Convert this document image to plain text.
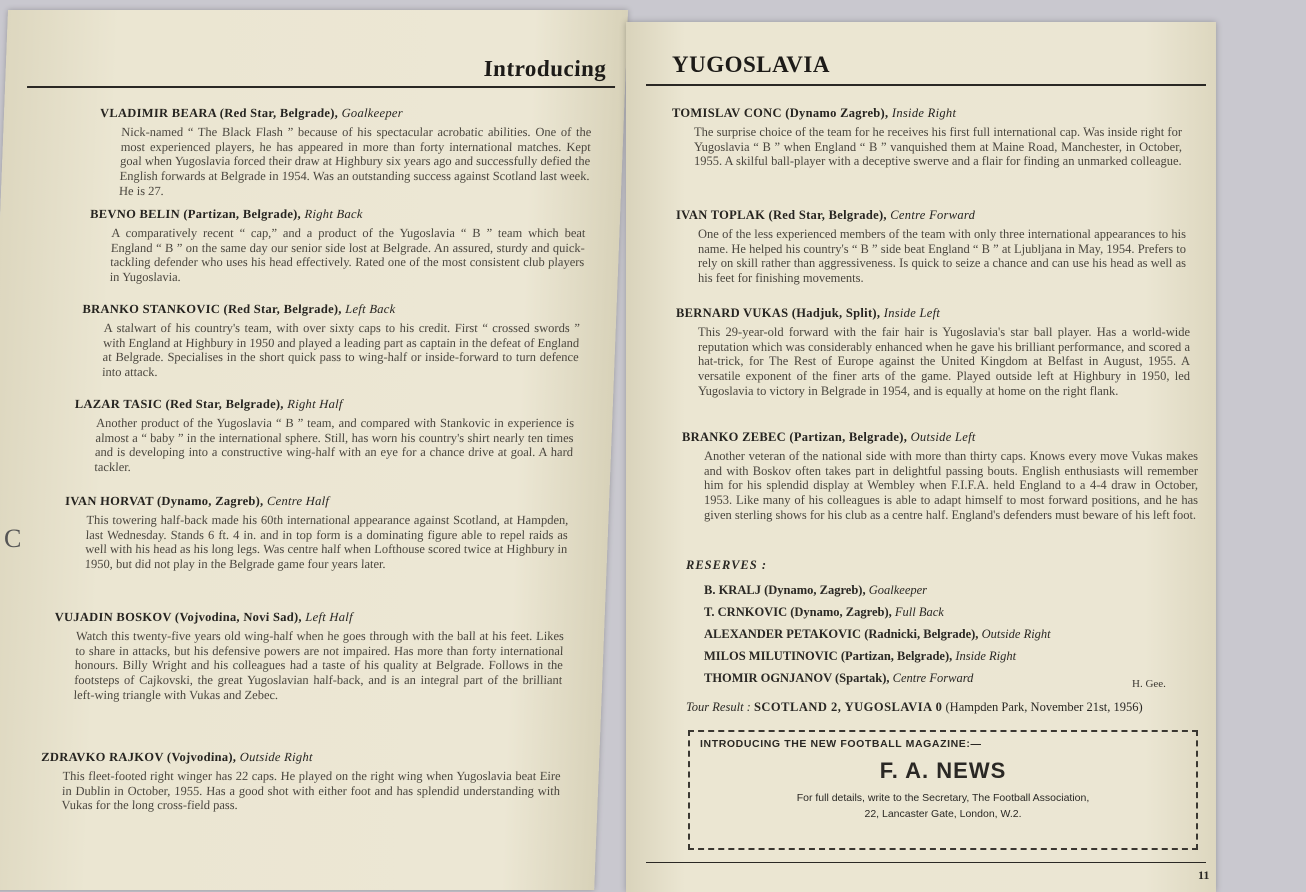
Introducing
VLADIMIR BEARA (Red Star, Belgrade), Goalkeeper
Nick-named “ The Black Flash ” because of his spectacular acrobatic abilities. One of the most experienced players, he has appeared in more than forty international matches. Kept goal when Yugoslavia forced their draw at Highbury six years ago and successfully defied the English forwards at Belgrade in 1954. Was an outstanding success against Scotland last week. He is 27.
BEVNO BELIN (Partizan, Belgrade), Right Back
A comparatively recent “ cap,” and a product of the Yugoslavia “ B ” team which beat England “ B ” on the same day our senior side lost at Belgrade. An assured, sturdy and quick-tackling defender who uses his head effectively. Rated one of the most consistent club players in Yugoslavia.
BRANKO STANKOVIC (Red Star, Belgrade), Left Back
A stalwart of his country's team, with over sixty caps to his credit. First “ crossed swords ” with England at Highbury in 1950 and played a leading part as captain in the defeat of England at Belgrade. Specialises in the short quick pass to wing-half or inside-forward to turn defence into attack.
LAZAR TASIC (Red Star, Belgrade), Right Half
Another product of the Yugoslavia “ B ” team, and compared with Stankovic in experience is almost a “ baby ” in the international sphere. Still, has worn his country's shirt nearly ten times and is developing into a constructive wing-half with an eye for a chance drive at goal. A hard tackler.
IVAN HORVAT (Dynamo, Zagreb), Centre Half
This towering half-back made his 60th international appearance against Scotland, at Hampden, last Wednesday. Stands 6 ft. 4 in. and in top form is a dominating figure able to repel raids as well with his head as his long legs. Was centre half when Lofthouse scored twice at Highbury in 1950, but did not play in the Belgrade game four years later.
VUJADIN BOSKOV (Vojvodina, Novi Sad), Left Half
Watch this twenty-five years old wing-half when he goes through with the ball at his feet. Likes to share in attacks, but his defensive powers are not impaired. Has more than forty international honours. Billy Wright and his colleagues had a taste of his quality at Belgrade. Follows in the footsteps of Cajkovski, the great Yugoslavian half-back, and is an integral part of the brilliant left-wing triangle with Vukas and Zebec.
ZDRAVKO RAJKOV (Vojvodina), Outside Right
This fleet-footed right winger has 22 caps. He played on the right wing when Yugoslavia beat Eire in Dublin in October, 1955. Has a good shot with either foot and has splendid understanding with Vukas for the long cross-field pass.
C
YUGOSLAVIA
TOMISLAV CONC (Dynamo Zagreb), Inside Right
The surprise choice of the team for he receives his first full international cap. Was inside right for Yugoslavia “ B ” when England “ B ” vanquished them at Maine Road, Manchester, in October, 1955. A skilful ball-player with a deceptive swerve and a flair for finding an unmarked colleague.
IVAN TOPLAK (Red Star, Belgrade), Centre Forward
One of the less experienced members of the team with only three international appearances to his name. He helped his country's “ B ” side beat England “ B ” at Ljubljana in May, 1954. Prefers to rely on skill rather than aggressiveness. Is quick to seize a chance and can use his head as well as his feet for finishing movements.
BERNARD VUKAS (Hadjuk, Split), Inside Left
This 29-year-old forward with the fair hair is Yugoslavia's star ball player. Has a world-wide reputation which was considerably enhanced when he gave his brilliant performance, and scored a hat-trick, for The Rest of Europe against the United Kingdom at Belfast in August, 1955. A versatile exponent of the finer arts of the game. Played outside left at Highbury in 1950, led Yugoslavia to victory in Belgrade in 1954, and is equally at home on the right flank.
BRANKO ZEBEC (Partizan, Belgrade), Outside Left
Another veteran of the national side with more than thirty caps. Knows every move Vukas makes and with Boskov often takes part in delightful passing bouts. English enthusiasts will remember him for his splendid display at Wembley when F.I.F.A. held England to a 4-4 draw in October, 1953. Like many of his colleagues is able to adapt himself to most forward positions, and he has given sterling shows for his club as a centre half. England's defenders must beware of his left foot.
RESERVES :
B. KRALJ (Dynamo, Zagreb), Goalkeeper
T. CRNKOVIC (Dynamo, Zagreb), Full Back
ALEXANDER PETAKOVIC (Radnicki, Belgrade), Outside Right
MILOS MILUTINOVIC (Partizan, Belgrade), Inside Right
THOMIR OGNJANOV (Spartak), Centre Forward	H. Gee.
Tour Result : SCOTLAND 2, YUGOSLAVIA 0 (Hampden Park, November 21st, 1956)
INTRODUCING THE NEW FOOTBALL MAGAZINE:—
F. A. NEWS
For full details, write to the Secretary, The Football Association,
22, Lancaster Gate, London, W.2.
11
